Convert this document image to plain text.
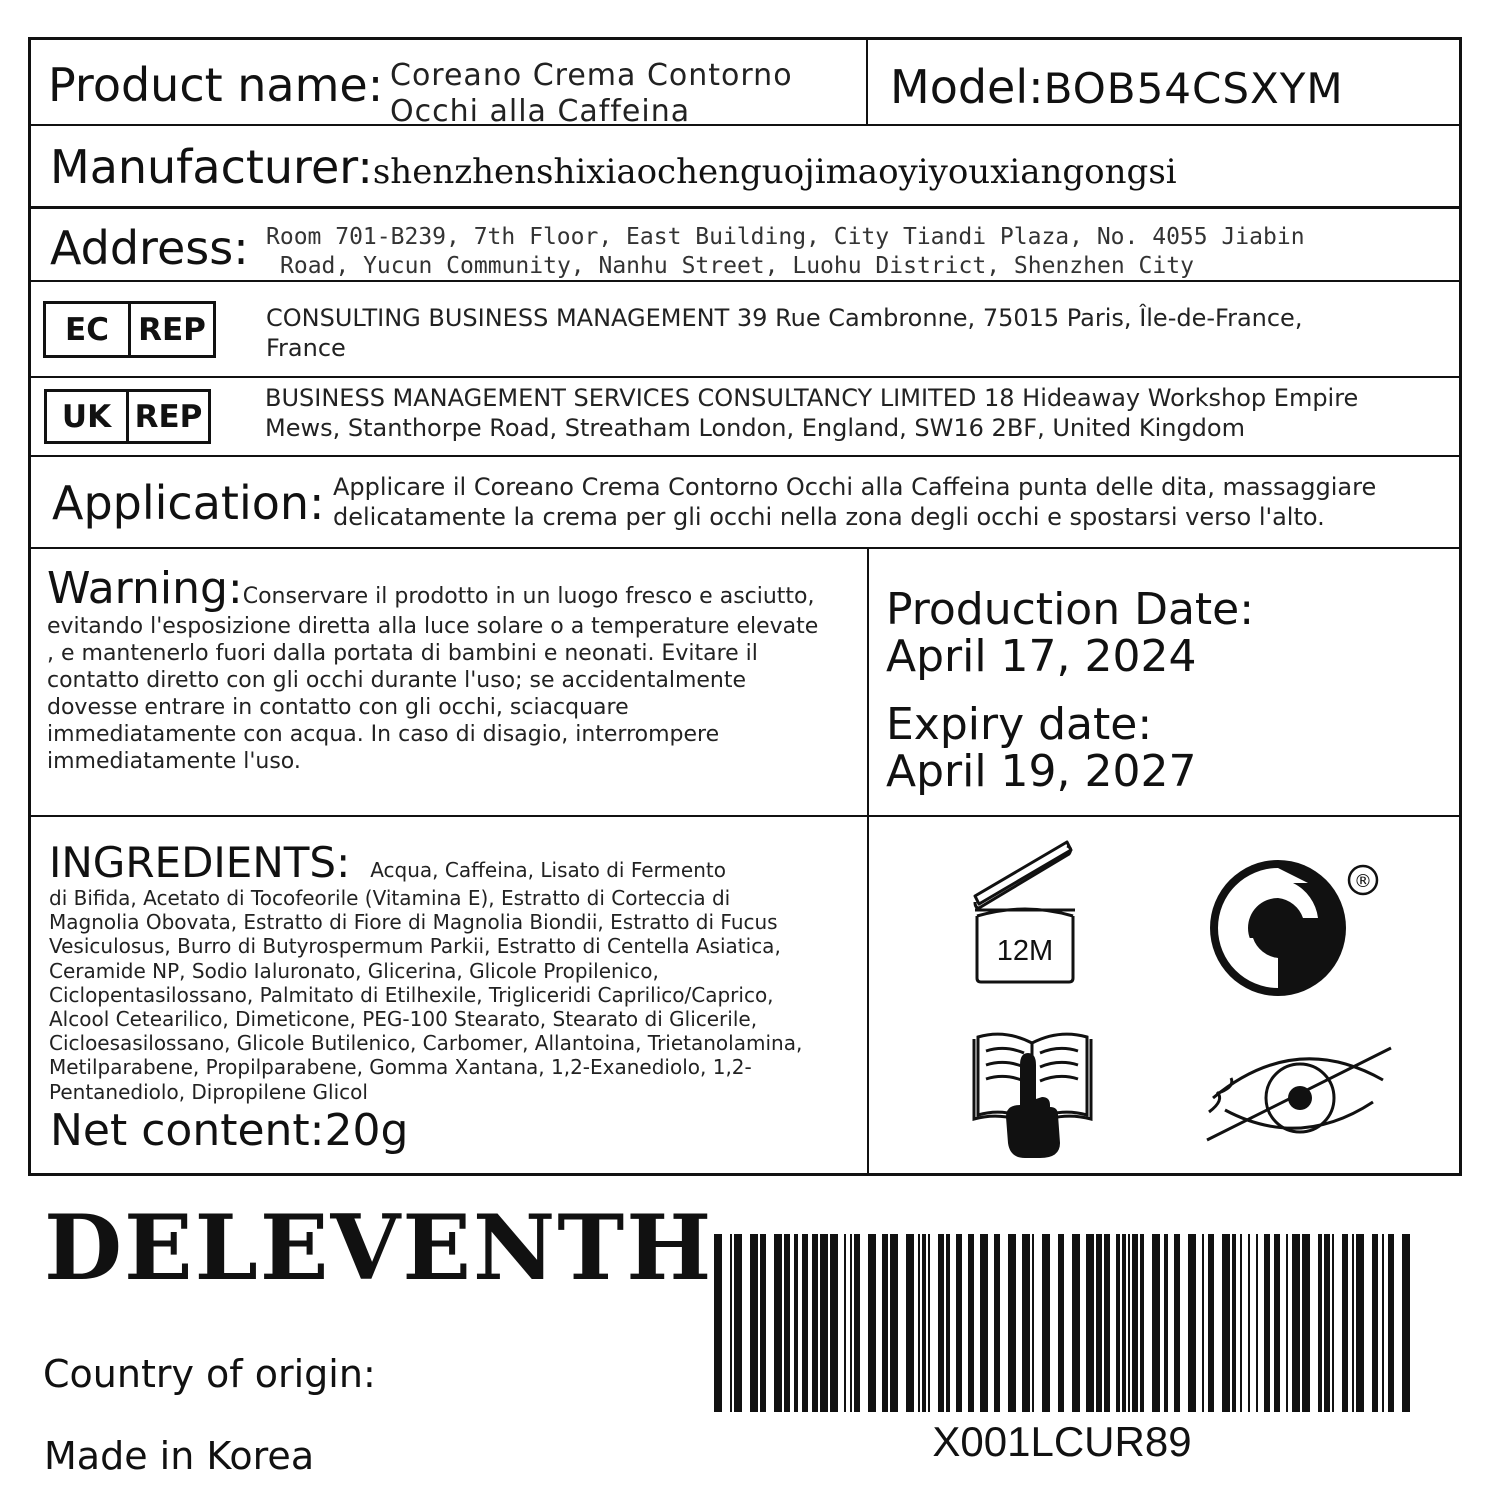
Product name: Coreano Crema Contorno
Occhi alla Caffeina	Model:BOB54CSXYM
Manufacturer:shenzhenshixiaochenguojimaoyiyouxiangongsi
Address: Room 701-B239, 7th Floor, East Building, City Tiandi Plaza, No. 4055 Jiabin
Road, Yucun Community, Nanhu Street, Luohu District, Shenzhen City
EC REP	CONSULTING BUSINESS MANAGEMENT 39 Rue Cambronne, 75015 Paris, Île-de-France,
France
UK REP
BUSINESS MANAGEMENT SERVICES CONSULTANCY LIMITED 18 Hideaway Workshop Empire
Mews, Stanthorpe Road, Streatham London, England, SW16 2BF, United Kingdom
Application: Applicare il Coreano Crema Contorno Occhi alla Caffeina punta delle dita, massaggiare
delicatamente la crema per gli occhi nella zona degli occhi e spostarsi verso l'alto.
Warning:Conservare il prodotto in un luogo fresco e asciutto,
evitando l'esposizione diretta alla luce solare o a temperature elevate
, e mantenerlo fuori dalla portata di bambini e neonati. Evitare il
contatto diretto con gli occhi durante l'uso; se accidentalmente
dovesse entrare in contatto con gli occhi, sciacquare
immediatamente con acqua. In caso di disagio, interrompere
immediatamente l'uso.
Production Date:
April 17, 2024
Expiry date:
April 19, 2027
INGREDIENTS: Acqua, Caffeina, Lisato di Fermento
di Bifida, Acetato di Tocofeorile (Vitamina E), Estratto di Corteccia di
Magnolia Obovata, Estratto di Fiore di Magnolia Biondii, Estratto di Fucus
Vesiculosus, Burro di Butyrospermum Parkii, Estratto di Centella Asiatica,
Ceramide NP, Sodio Ialuronato, Glicerina, Glicole Propilenico,
Ciclopentasilossano, Palmitato di Etilhexile, Trigliceridi Caprilico/Caprico,
Alcool Cetearilico, Dimeticone, PEG-100 Stearato, Stearato di Glicerile,
Cicloesasilossano, Glicole Butilenico, Carbomer, Allantoina, Trietanolamina,
Metilparabene, Propilparabene, Gomma Xantana, 1,2-Exanediolo, 1,2-
Pentanediolo, Dipropilene Glicol
Net content:20g
12M
®
DELEVENTH
Country of origin:
Made in Korea	X001LCUR89
